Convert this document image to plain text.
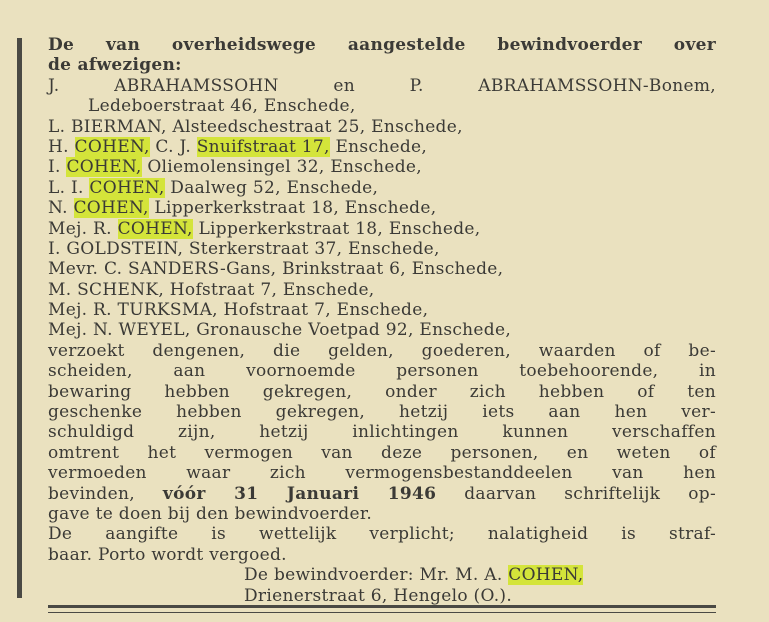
De van overheidswege aangestelde bewindvoerder over
de afwezigen:
J. ABRAHAMSSOHN en P. ABRAHAMSSOHN-Bonem,
Ledeboerstraat 46, Enschede,
L. BIERMAN, Alsteedschestraat 25, Enschede,
H. COHEN, C. J. Snuifstraat 17, Enschede,
I. COHEN, Oliemolensingel 32, Enschede,
L. I. COHEN, Daalweg 52, Enschede,
N. COHEN, Lipperkerkstraat 18, Enschede,
Mej. R. COHEN, Lipperkerkstraat 18, Enschede,
I. GOLDSTEIN, Sterkerstraat 37, Enschede,
Mevr. C. SANDERS-Gans, Brinkstraat 6, Enschede,
M. SCHENK, Hofstraat 7, Enschede,
Mej. R. TURKSMA, Hofstraat 7, Enschede,
Mej. N. WEYEL, Gronausche Voetpad 92, Enschede,
verzoekt dengenen, die gelden, goederen, waarden of be-
scheiden, aan voornoemde personen toebehoorende, in
bewaring hebben gekregen, onder zich hebben of ten
geschenke hebben gekregen, hetzij iets aan hen ver-
schuldigd zijn, hetzij inlichtingen kunnen verschaffen
omtrent het vermogen van deze personen, en weten of
vermoeden waar zich vermogensbestanddeelen van hen
bevinden, vóór 31 Januari 1946 daarvan schriftelijk op-
gave te doen bij den bewindvoerder.
De aangifte is wettelijk verplicht; nalatigheid is straf-
baar. Porto wordt vergoed.
De bewindvoerder: Mr. M. A. COHEN,
Drienerstraat 6, Hengelo (O.).
